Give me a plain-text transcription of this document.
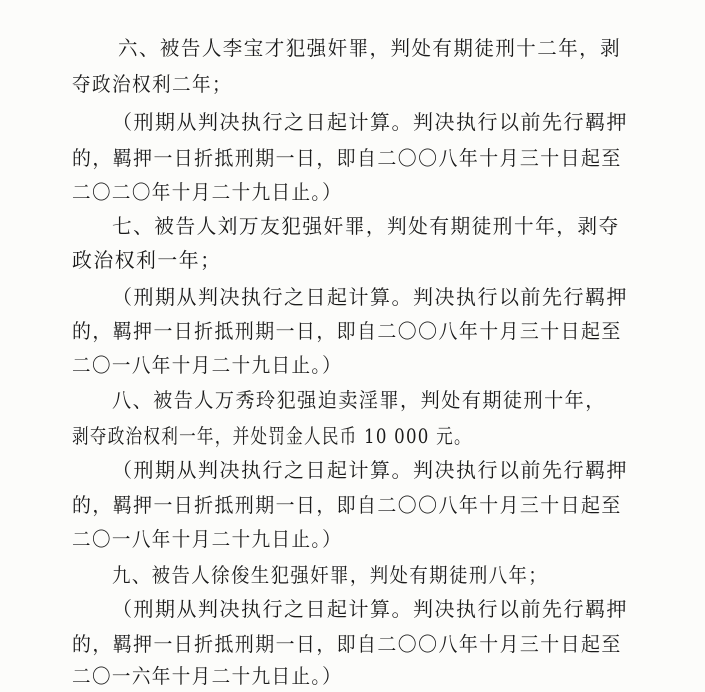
六、被告人李宝才犯强奸罪，判处有期徒刑十二年，剥
夺政治权利二年；
（刑期从判决执行之日起计算。判决执行以前先行羁押
的，羁押一日折抵刑期一日，即自二〇〇八年十月三十日起至
二〇二〇年十月二十九日止。）
七、被告人刘万友犯强奸罪，判处有期徒刑十年，剥夺
政治权利一年；
（刑期从判决执行之日起计算。判决执行以前先行羁押
的，羁押一日折抵刑期一日，即自二〇〇八年十月三十日起至
二〇一八年十月二十九日止。）
八、被告人万秀玲犯强迫卖淫罪，判处有期徒刑十年，
剥夺政治权利一年，并处罚金人民币 10 000 元。
（刑期从判决执行之日起计算。判决执行以前先行羁押
的，羁押一日折抵刑期一日，即自二〇〇八年十月三十日起至
二〇一八年十月二十九日止。）
九、被告人徐俊生犯强奸罪，判处有期徒刑八年；
（刑期从判决执行之日起计算。判决执行以前先行羁押
的，羁押一日折抵刑期一日，即自二〇〇八年十月三十日起至
二〇一六年十月二十九日止。）
